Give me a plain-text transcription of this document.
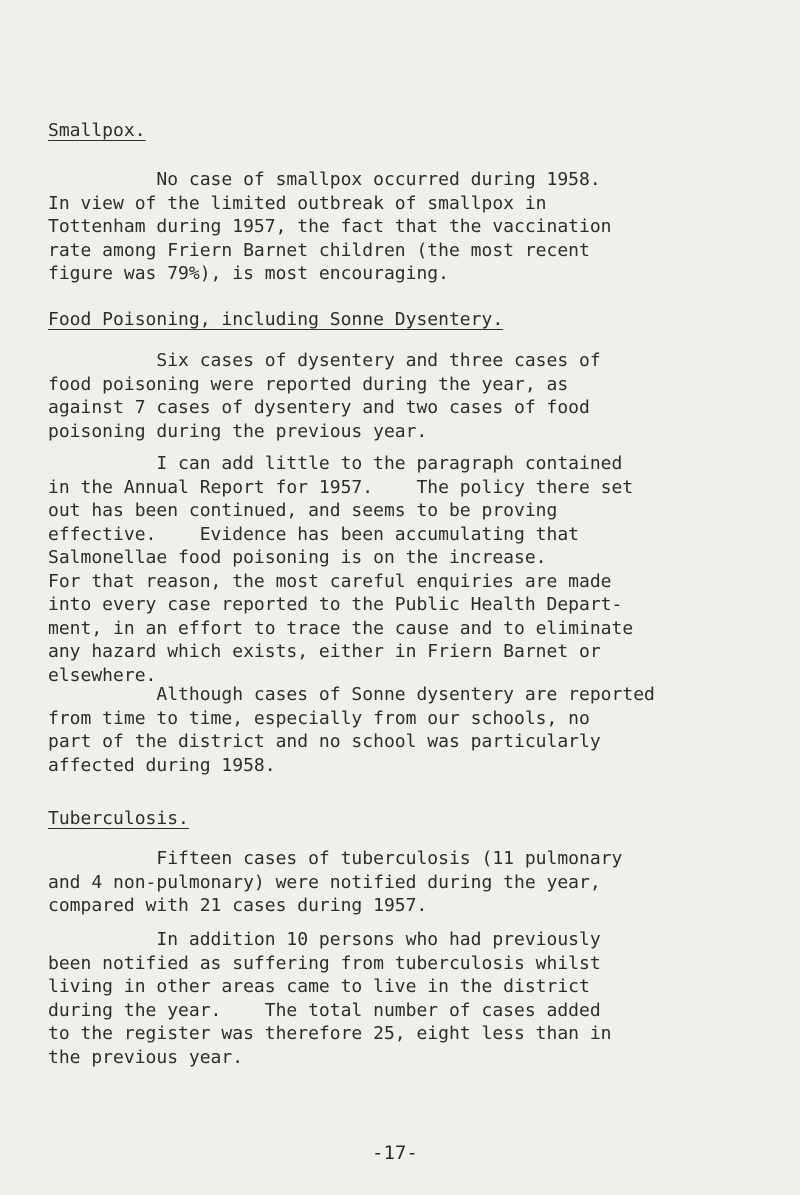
Smallpox.

No case of smallpox occurred during 1958.
In view of the limited outbreak of smallpox in
Tottenham during 1957, the fact that the vaccination
rate among Friern Barnet children (the most recent
figure was 79%), is most encouraging.

Food Poisoning, including Sonne Dysentery.

Six cases of dysentery and three cases of
food poisoning were reported during the year, as
against 7 cases of dysentery and two cases of food
poisoning during the previous year.

I can add little to the paragraph contained
in the Annual Report for 1957.    The policy there set
out has been continued, and seems to be proving
effective.    Evidence has been accumulating that
Salmonellae food poisoning is on the increase.
For that reason, the most careful enquiries are made
into every case reported to the Public Health Depart-
ment, in an effort to trace the cause and to eliminate
any hazard which exists, either in Friern Barnet or
elsewhere.

Although cases of Sonne dysentery are reported
from time to time, especially from our schools, no
part of the district and no school was particularly
affected during 1958.

Tuberculosis.

Fifteen cases of tuberculosis (11 pulmonary
and 4 non-pulmonary) were notified during the year,
compared with 21 cases during 1957.

In addition 10 persons who had previously
been notified as suffering from tuberculosis whilst
living in other areas came to live in the district
during the year.    The total number of cases added
to the register was therefore 25, eight less than in
the previous year.

-17-
